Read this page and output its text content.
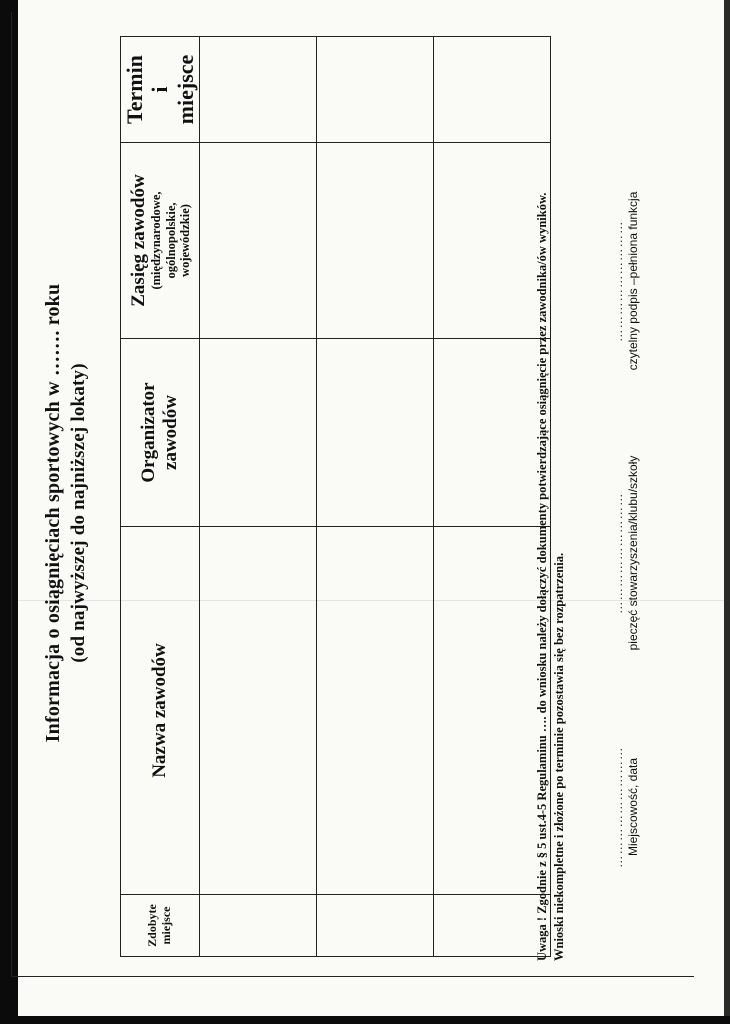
Informacja o osiągnięciach sportowych w ……. roku (od najwyższej do najniższej lokaty)
Zdobyte miejsce	Nazwa zawodów	Organizator zawodów	Zasięg zawodów (międzynarodowe, ogólnopolskie, wojewódzkie)	Termin i miejsce

Uwaga ! Zgodnie z § 5 ust.4-5 Regulaminu …. do wniosku należy dołączyć dokumenty potwierdzające osiągnięcie przez zawodnika/ów wyników. Wnioski niekompletne i złożone po terminie pozostawia się bez rozpatrzenia.	……………………… Miejscowość, data
……………………… pieczęć stowarzyszenia/klubu/szkoły
……………………… czytelny podpis –pełniona funkcja
